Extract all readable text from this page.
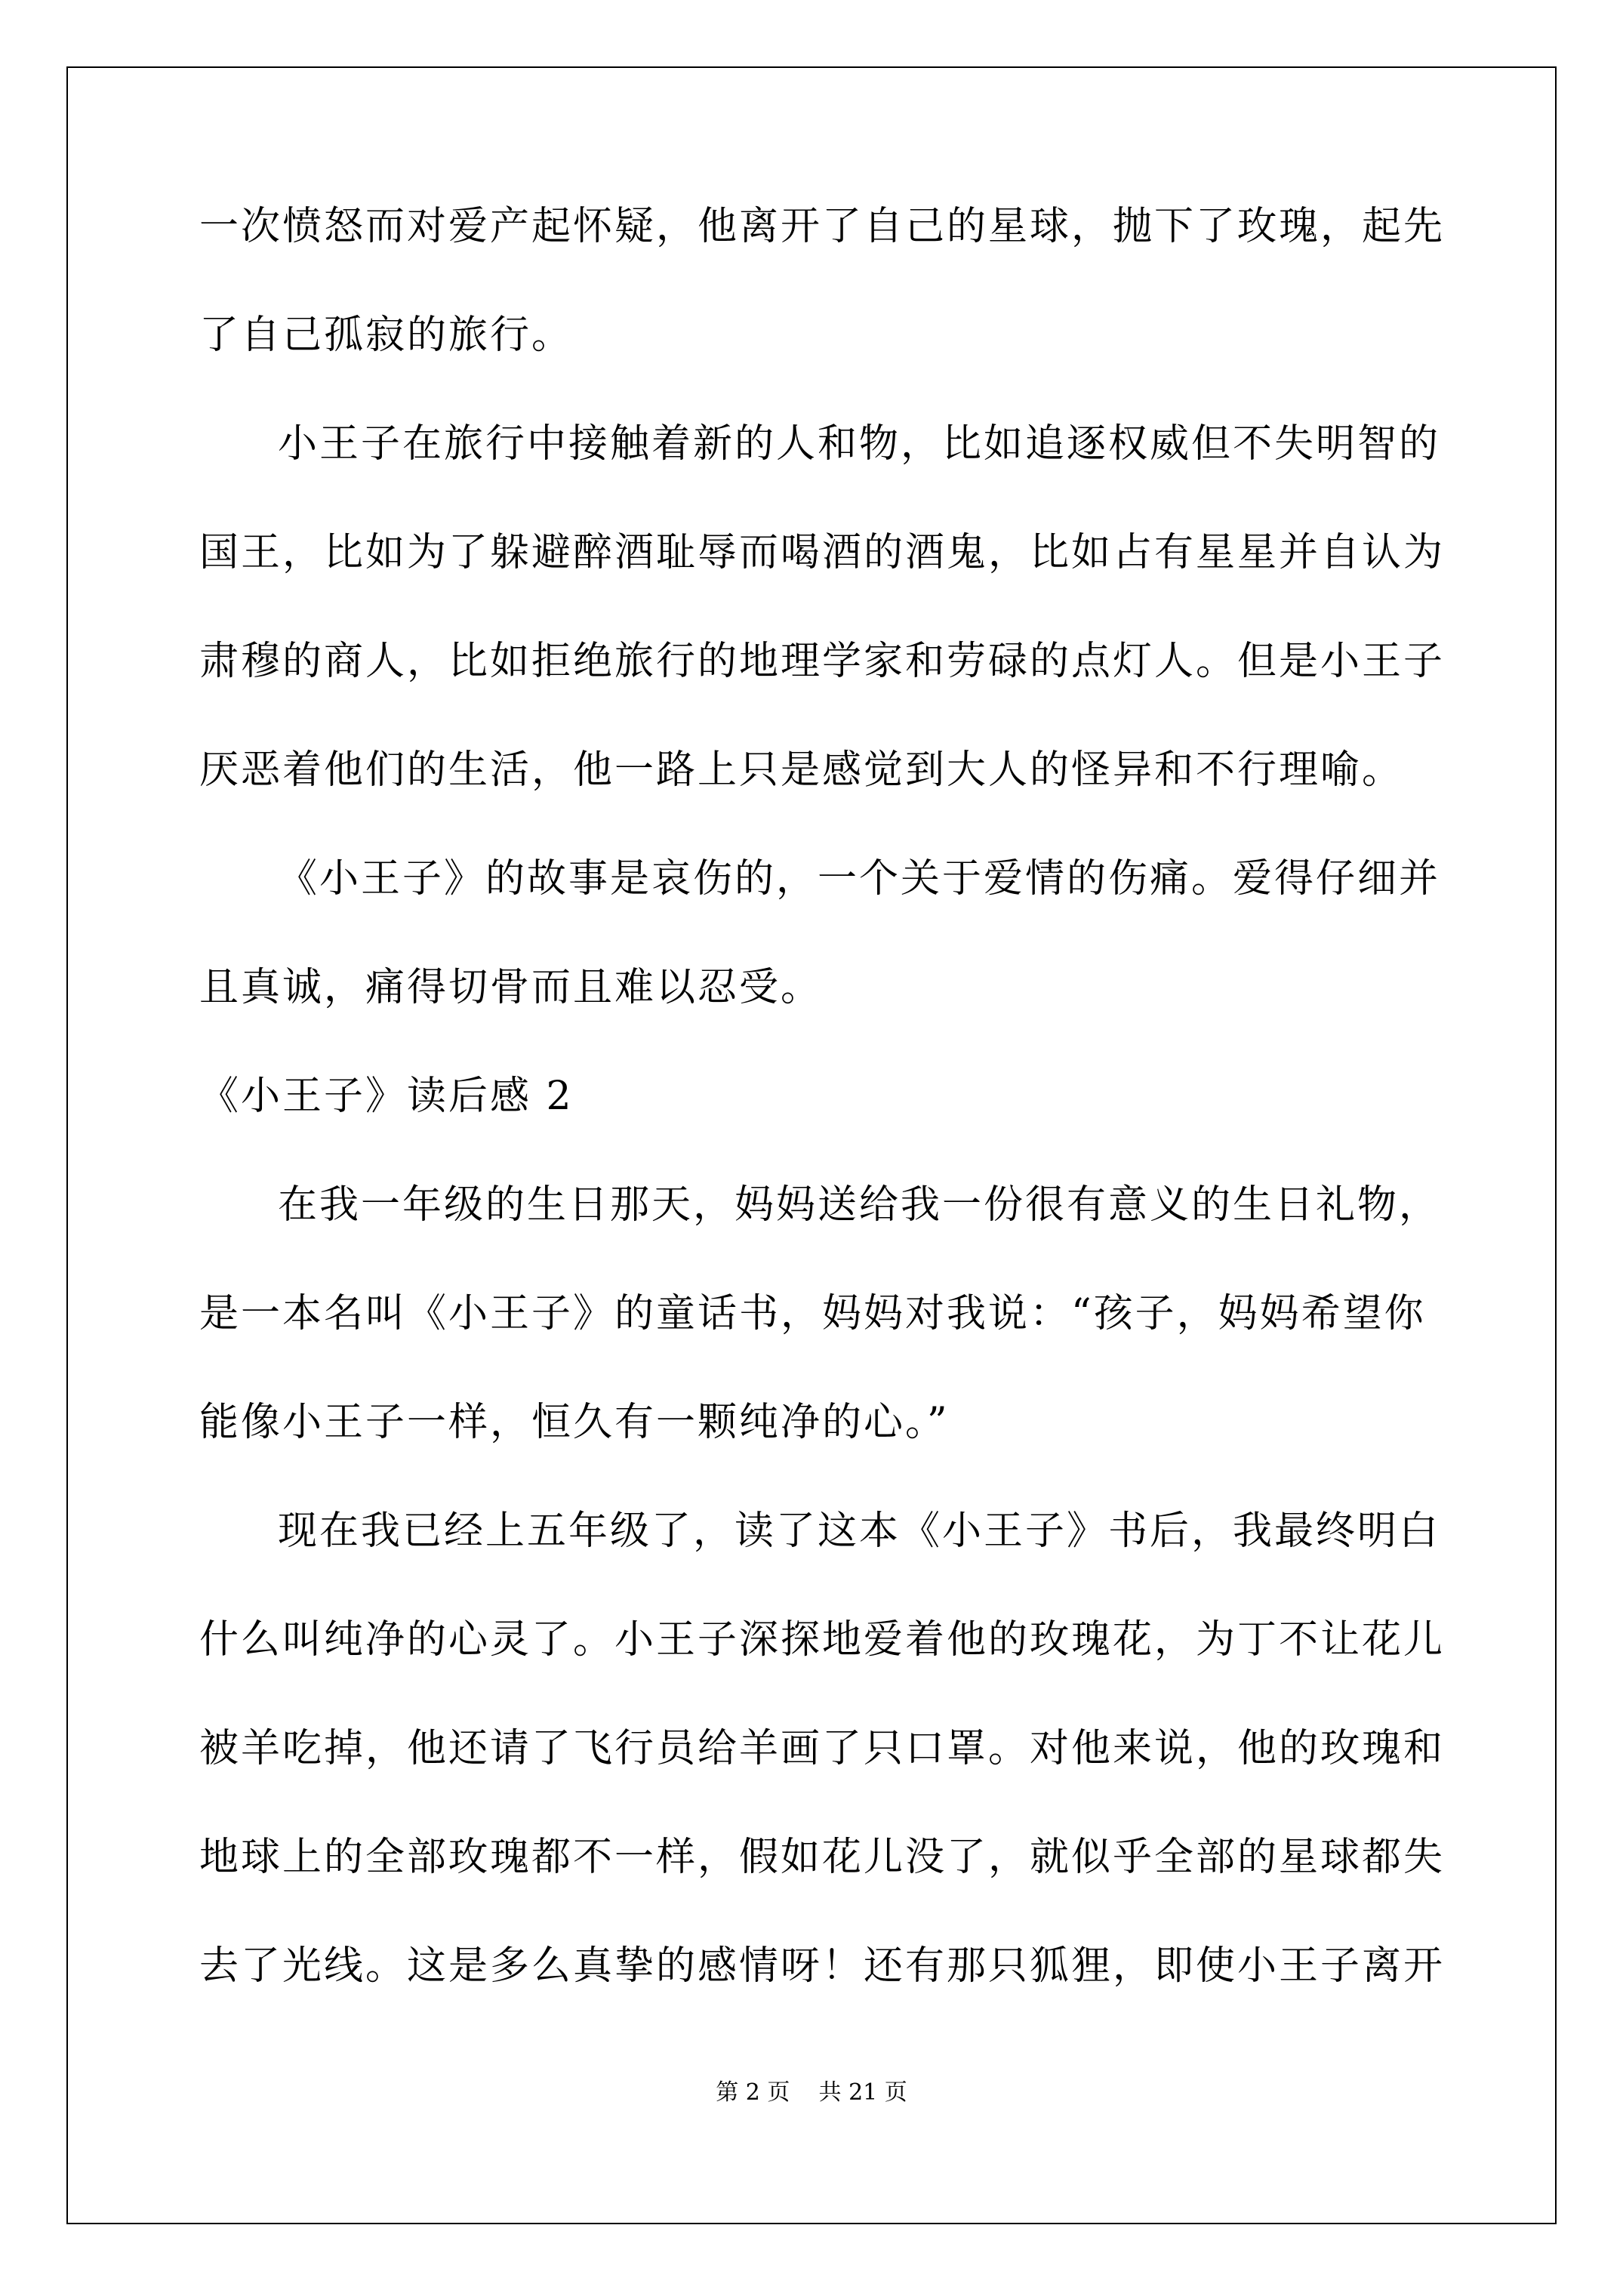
一次愤怒而对爱产起怀疑，他离开了自己的星球，抛下了玫瑰，起先
了自己孤寂的旅行。
小王子在旅行中接触着新的人和物，比如追逐权威但不失明智的
国王，比如为了躲避醉酒耻辱而喝酒的酒鬼，比如占有星星并自认为
肃穆的商人，比如拒绝旅行的地理学家和劳碌的点灯人。但是小王子
厌恶着他们的生活，他一路上只是感觉到大人的怪异和不行理喻。
《小王子》的故事是哀伤的，一个关于爱情的伤痛。爱得仔细并
且真诚，痛得切骨而且难以忍受。
《小王子》读后感 2
在我一年级的生日那天，妈妈送给我一份很有意义的生日礼物，
是一本名叫《小王子》的童话书，妈妈对我说：“孩子，妈妈希望你
能像小王子一样，恒久有一颗纯净的心。”
现在我已经上五年级了，读了这本《小王子》书后，我最终明白
什么叫纯净的心灵了。小王子深探地爱着他的玫瑰花，为丁不让花儿
被羊吃掉，他还请了飞行员给羊画了只口罩。对他来说，他的玫瑰和
地球上的全部玫瑰都不一样，假如花儿没了，就似乎全部的星球都失
去了光线。这是多么真挚的感情呀！还有那只狐狸，即使小王子离开
第 2 页 共 21 页
